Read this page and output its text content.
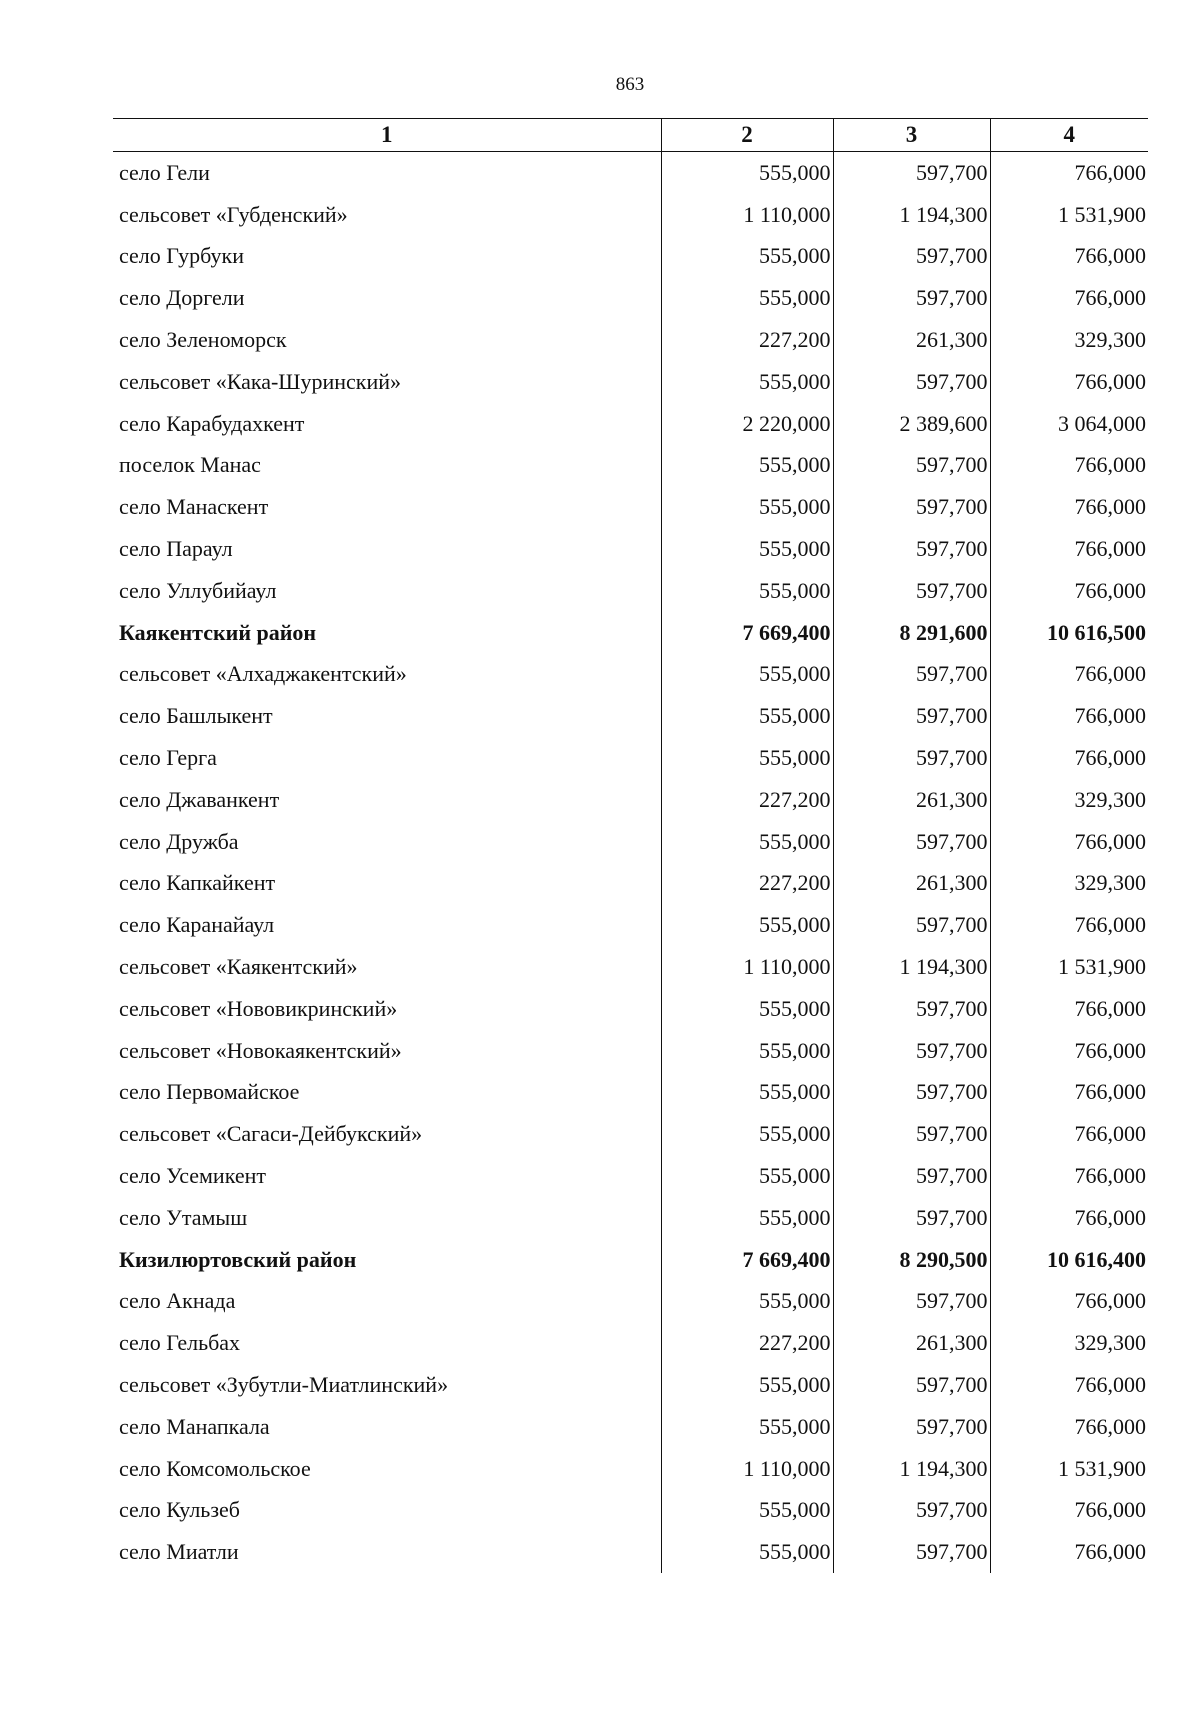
863
1	2	3	4
село Гели	555,000	597,700	766,000
сельсовет «Губденский»	1 110,000	1 194,300	1 531,900
село Гурбуки	555,000	597,700	766,000
село Доргели	555,000	597,700	766,000
село Зеленоморск	227,200	261,300	329,300
сельсовет «Кака-Шуринский»	555,000	597,700	766,000
село Карабудахкент	2 220,000	2 389,600	3 064,000
поселок Манас	555,000	597,700	766,000
село Манаскент	555,000	597,700	766,000
село Параул	555,000	597,700	766,000
село Уллубийаул	555,000	597,700	766,000
Каякентский район	7 669,400	8 291,600	10 616,500
сельсовет «Алхаджакентский»	555,000	597,700	766,000
село Башлыкент	555,000	597,700	766,000
село Герга	555,000	597,700	766,000
село Джаванкент	227,200	261,300	329,300
село Дружба	555,000	597,700	766,000
село Капкайкент	227,200	261,300	329,300
село Каранайаул	555,000	597,700	766,000
сельсовет «Каякентский»	1 110,000	1 194,300	1 531,900
сельсовет «Нововикринский»	555,000	597,700	766,000
сельсовет «Новокаякентский»	555,000	597,700	766,000
село Первомайское	555,000	597,700	766,000
сельсовет «Сагаси-Дейбукский»	555,000	597,700	766,000
село Усемикент	555,000	597,700	766,000
село Утамыш	555,000	597,700	766,000
Кизилюртовский район	7 669,400	8 290,500	10 616,400
село Акнада	555,000	597,700	766,000
село Гельбах	227,200	261,300	329,300
сельсовет «Зубутли-Миатлинский»	555,000	597,700	766,000
село Манапкала	555,000	597,700	766,000
село Комсомольское	1 110,000	1 194,300	1 531,900
село Кульзеб	555,000	597,700	766,000
село Миатли	555,000	597,700	766,000
